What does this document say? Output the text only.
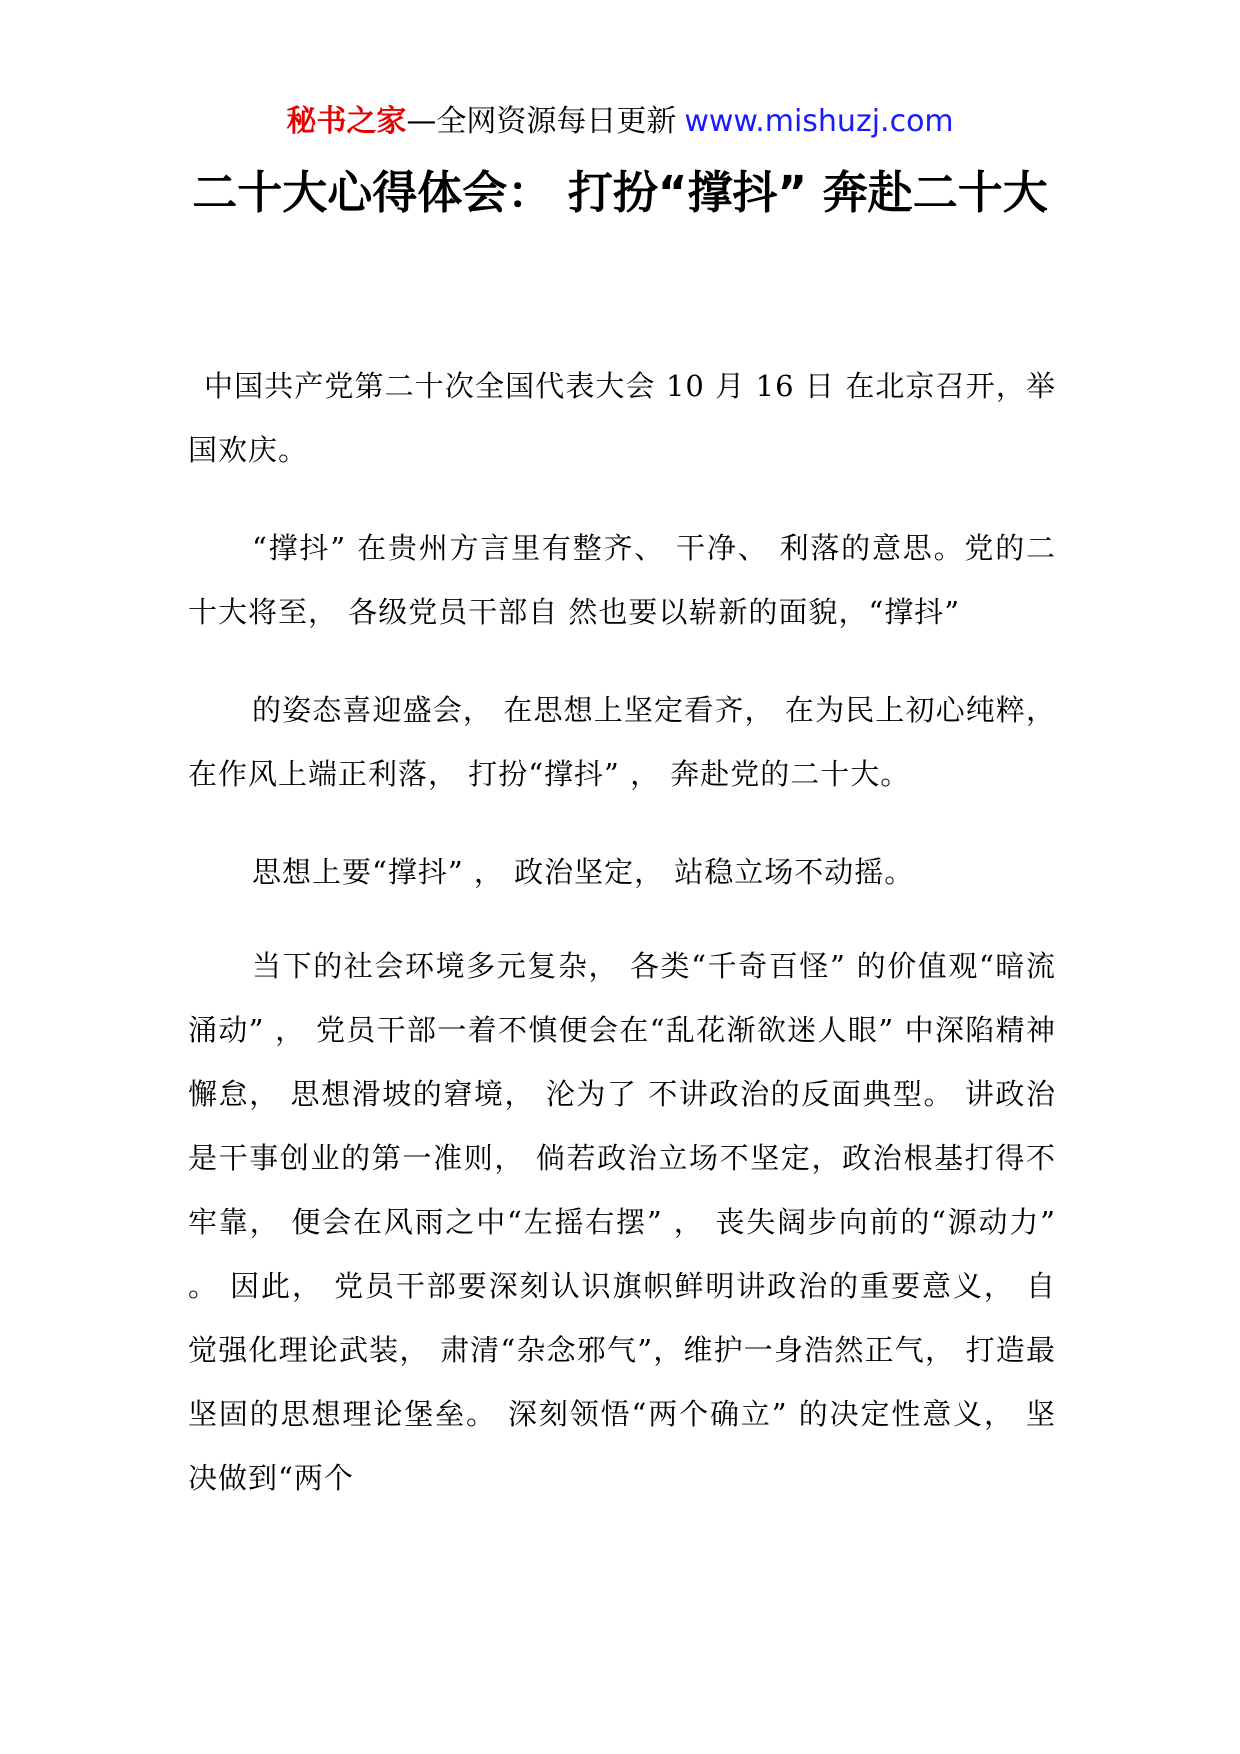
秘书之家—全网资源每日更新 www.mishuzj.com
二十大心得体会： 打扮“撑抖” 奔赴二十大

中国共产党第二十次全国代表大会 10 月 16 日 在北京召开，举国欢庆。

“撑抖” 在贵州方言里有整齐、 干净、 利落的意思。党的二十大将至， 各级党员干部自 然也要以崭新的面貌，“撑抖”

的姿态喜迎盛会， 在思想上坚定看齐， 在为民上初心纯粹，在作风上端正利落， 打扮“撑抖” ， 奔赴党的二十大。

思想上要“撑抖” ， 政治坚定， 站稳立场不动摇。

当下的社会环境多元复杂， 各类“千奇百怪” 的价值观“暗流涌动” ， 党员干部一着不慎便会在“乱花渐欲迷人眼” 中深陷精神懈怠， 思想滑坡的窘境， 沦为了 不讲政治的反面典型。 讲政治是干事创业的第一准则， 倘若政治立场不坚定，政治根基打得不牢靠， 便会在风雨之中“左摇右摆” ， 丧失阔步向前的“源动力” 。 因此， 党员干部要深刻认识旗帜鲜明讲政治的重要意义， 自觉强化理论武装， 肃清“杂念邪气”，维护一身浩然正气， 打造最坚固的思想理论堡垒。 深刻领悟“两个确立” 的决定性意义， 坚决做到“两个
